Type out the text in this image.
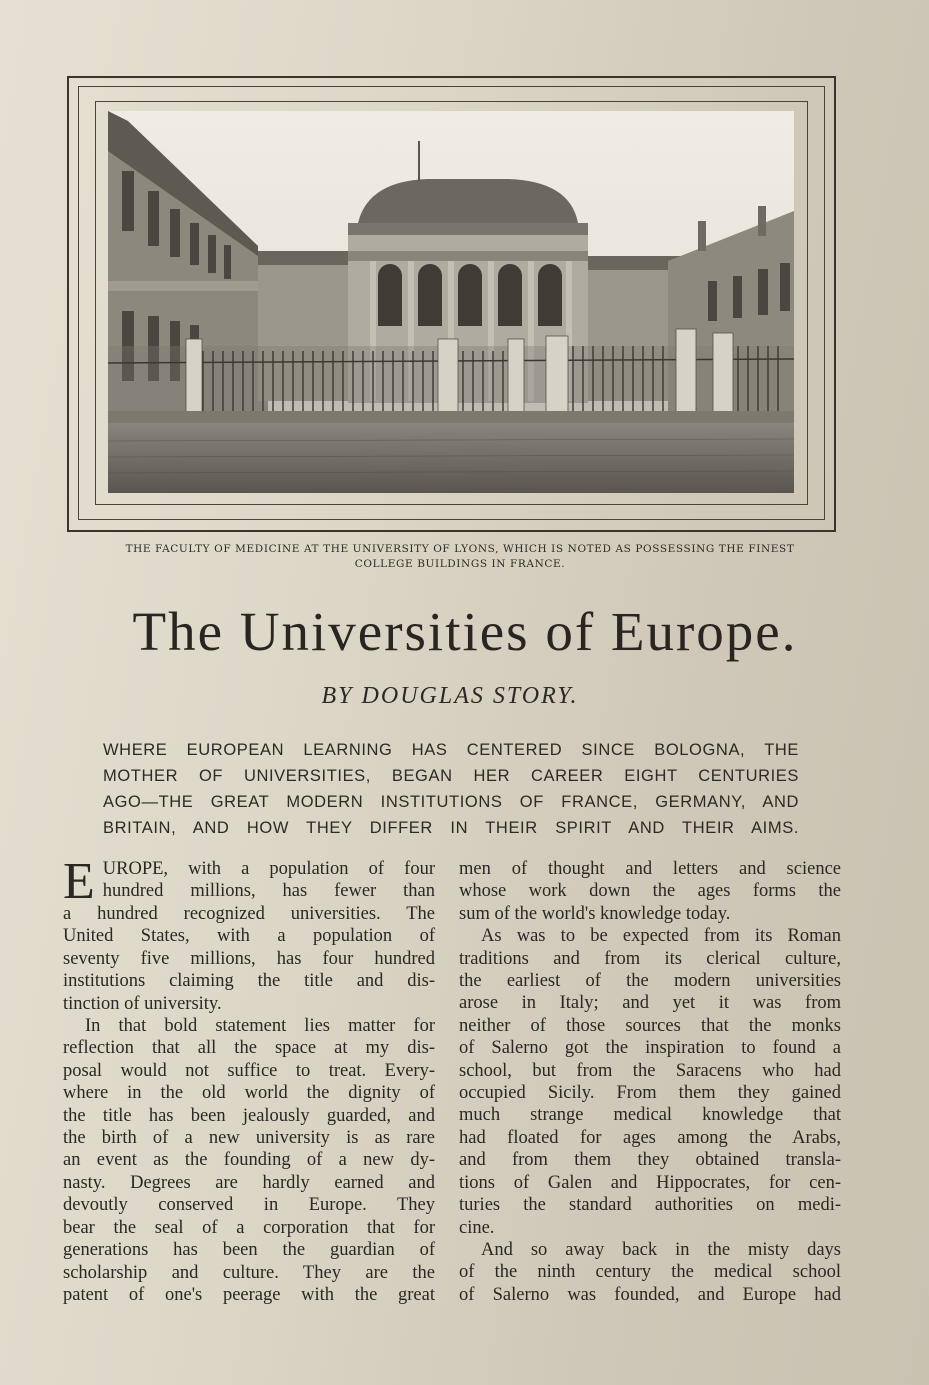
THE FACULTY OF MEDICINE AT THE UNIVERSITY OF LYONS, WHICH IS NOTED AS POSSESSING THE FINEST
COLLEGE BUILDINGS IN FRANCE.
The Universities of Europe.
BY DOUGLAS STORY.
WHERE EUROPEAN LEARNING HAS CENTERED SINCE BOLOGNA, THE
MOTHER OF UNIVERSITIES, BEGAN HER CAREER EIGHT CENTURIES
AGO—THE GREAT MODERN INSTITUTIONS OF FRANCE, GERMANY, AND
BRITAIN, AND HOW THEY DIFFER IN THEIR SPIRIT AND THEIR AIMS.
E UROPE, with a population of four
hundred millions, has fewer than
a hundred recognized universities. The
United States, with a population of
seventy five millions, has four hundred
institutions claiming the title and dis-
tinction of university.
In that bold statement lies matter for
reflection that all the space at my dis-
posal would not suffice to treat. Every-
where in the old world the dignity of
the title has been jealously guarded, and
the birth of a new university is as rare
an event as the founding of a new dy-
nasty. Degrees are hardly earned and
devoutly conserved in Europe. They
bear the seal of a corporation that for
generations has been the guardian of
scholarship and culture. They are the
patent of one's peerage with the great
men of thought and letters and science
whose work down the ages forms the
sum of the world's knowledge today.
As was to be expected from its Roman
traditions and from its clerical culture,
the earliest of the modern universities
arose in Italy; and yet it was from
neither of those sources that the monks
of Salerno got the inspiration to found a
school, but from the Saracens who had
occupied Sicily. From them they gained
much strange medical knowledge that
had floated for ages among the Arabs,
and from them they obtained transla-
tions of Galen and Hippocrates, for cen-
turies the standard authorities on medi-
cine.
And so away back in the misty days
of the ninth century the medical school
of Salerno was founded, and Europe had
